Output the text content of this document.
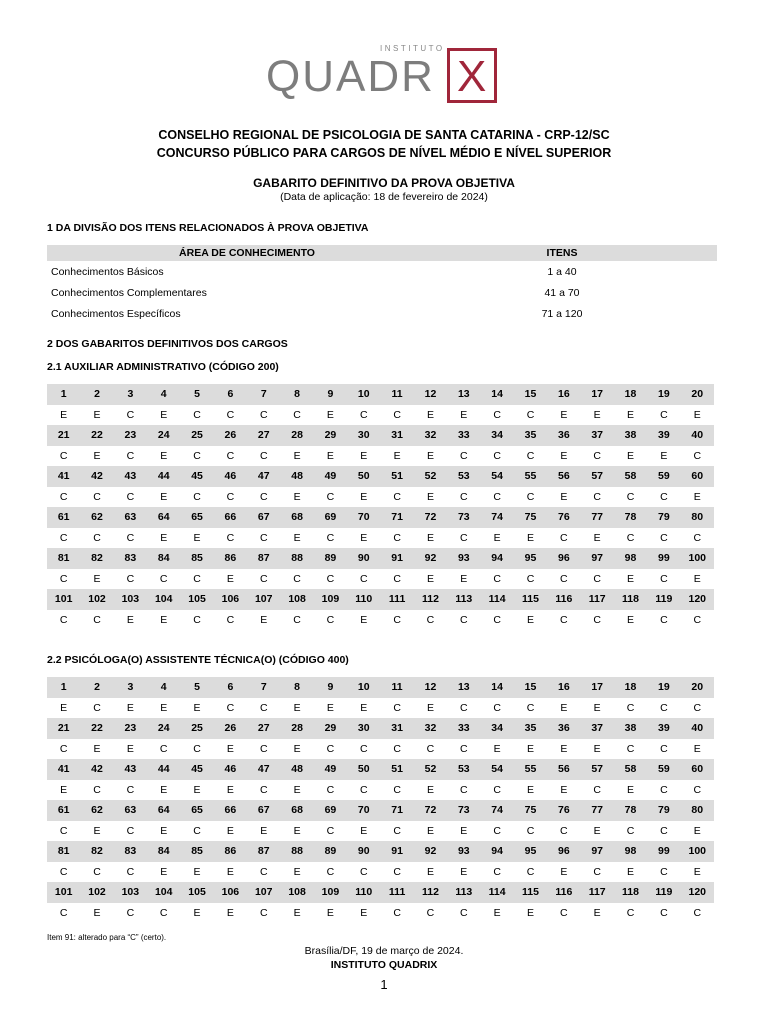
INSTITUTO
QUADR X
CONSELHO REGIONAL DE PSICOLOGIA DE SANTA CATARINA - CRP-12/SC
CONCURSO PÚBLICO PARA CARGOS DE NÍVEL MÉDIO E NÍVEL SUPERIOR
GABARITO DEFINITIVO DA PROVA OBJETIVA
(Data de aplicação: 18 de fevereiro de 2024)
1 DA DIVISÃO DOS ITENS RELACIONADOS À PROVA OBJETIVA
ÁREA DE CONHECIMENTO	ITENS	
Conhecimentos Básicos	1 a 40	
Conhecimentos Complementares	41 a 70	
Conhecimentos Específicos	71 a 120	
2 DOS GABARITOS DEFINITIVOS DOS CARGOS
2.1 AUXILIAR ADMINISTRATIVO (CÓDIGO 200)
1	2	3	4	5	6	7	8	9	10	11	12	13	14	15	16	17	18	19	20
E	E	C	E	C	C	C	C	E	C	C	E	E	C	C	E	E	E	C	E
21	22	23	24	25	26	27	28	29	30	31	32	33	34	35	36	37	38	39	40
C	E	C	E	C	C	C	E	E	E	E	E	C	C	C	E	C	E	E	C
41	42	43	44	45	46	47	48	49	50	51	52	53	54	55	56	57	58	59	60
C	C	C	E	C	C	C	E	C	E	C	E	C	C	C	E	C	C	C	E
61	62	63	64	65	66	67	68	69	70	71	72	73	74	75	76	77	78	79	80
C	C	C	E	E	C	C	E	C	E	C	E	C	E	E	C	E	C	C	C
81	82	83	84	85	86	87	88	89	90	91	92	93	94	95	96	97	98	99	100
C	E	C	C	C	E	C	C	C	C	C	E	E	C	C	C	C	E	C	E
101	102	103	104	105	106	107	108	109	110	111	112	113	114	115	116	117	118	119	120
C	C	E	E	C	C	E	C	C	E	C	C	C	C	E	C	C	E	C	C
2.2 PSICÓLOGA(O) ASSISTENTE TÉCNICA(O) (CÓDIGO 400)
1	2	3	4	5	6	7	8	9	10	11	12	13	14	15	16	17	18	19	20
E	C	E	E	E	C	C	E	E	E	C	E	C	C	C	E	E	C	C	C
21	22	23	24	25	26	27	28	29	30	31	32	33	34	35	36	37	38	39	40
C	E	E	C	C	E	C	E	C	C	C	C	C	E	E	E	E	C	C	E
41	42	43	44	45	46	47	48	49	50	51	52	53	54	55	56	57	58	59	60
E	C	C	E	E	E	C	E	C	C	C	E	C	C	E	E	C	E	C	C
61	62	63	64	65	66	67	68	69	70	71	72	73	74	75	76	77	78	79	80
C	E	C	E	C	E	E	E	C	E	C	E	E	C	C	C	E	C	C	E
81	82	83	84	85	86	87	88	89	90	91	92	93	94	95	96	97	98	99	100
C	C	C	E	E	E	C	E	C	C	C	E	E	C	C	E	C	E	C	E
101	102	103	104	105	106	107	108	109	110	111	112	113	114	115	116	117	118	119	120
C	E	C	C	E	E	C	E	E	E	C	C	C	E	E	C	E	C	C	C
Item 91: alterado para “C” (certo).
Brasília/DF, 19 de março de 2024.
INSTITUTO QUADRIX
1
